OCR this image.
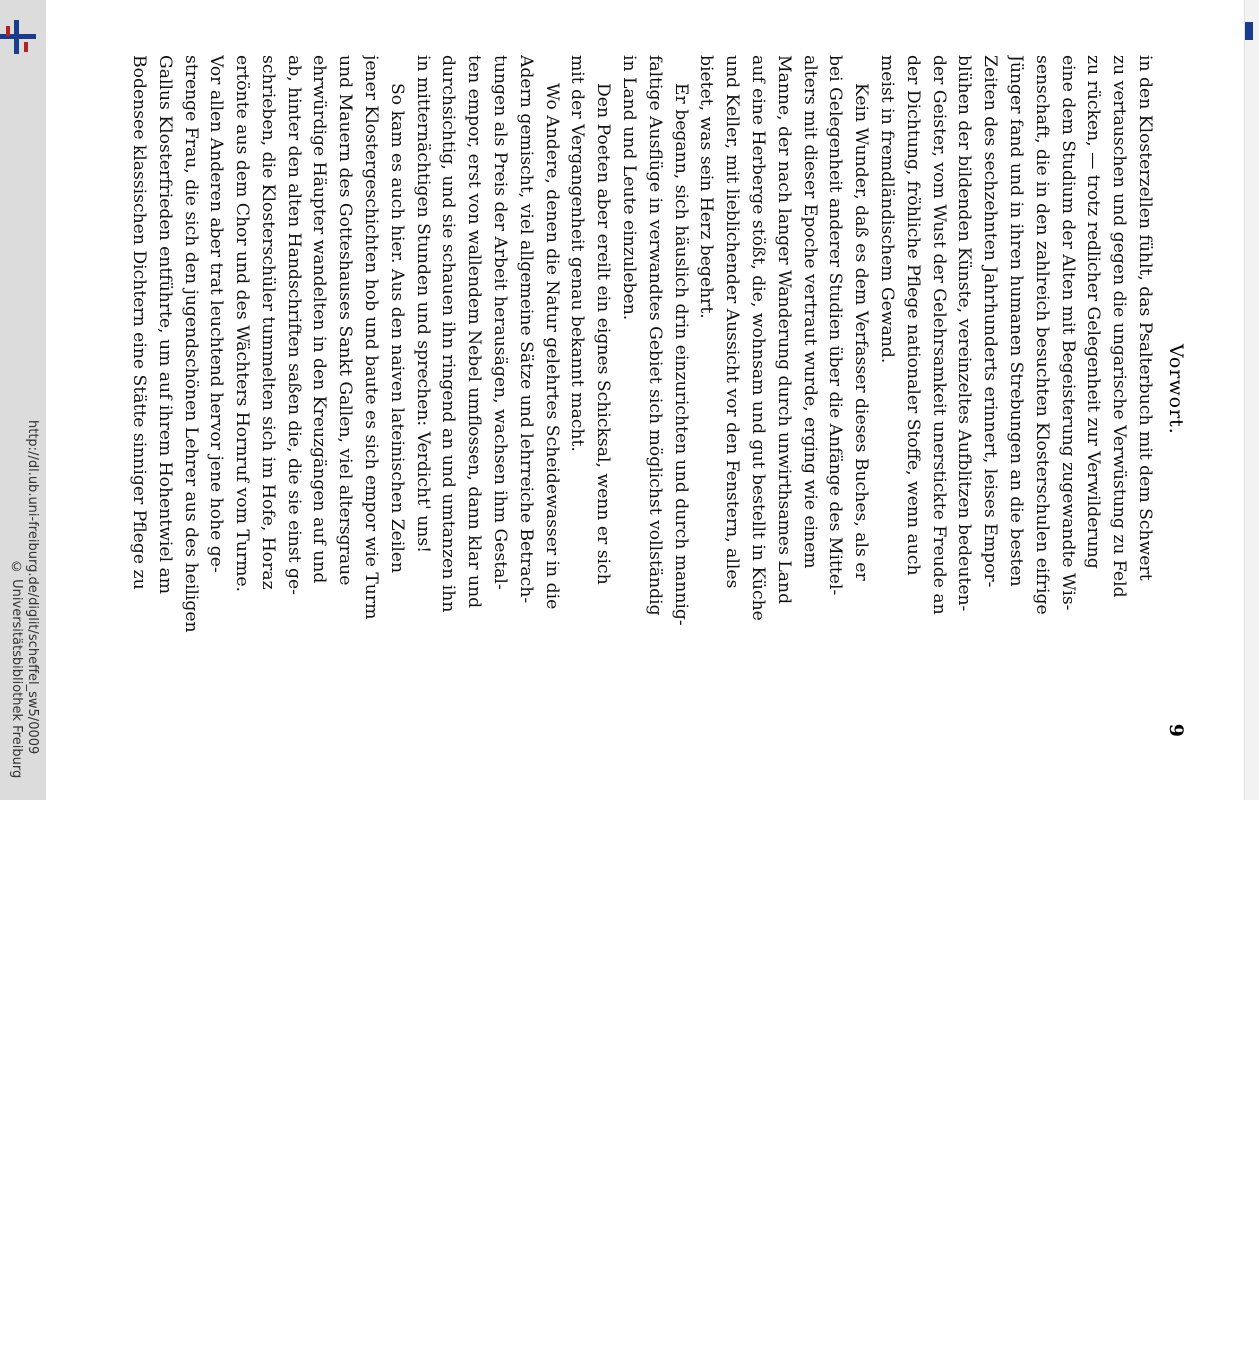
http://dl.ub.uni-freiburg.de/diglit/scheffel_sw5/0009
© Universitätsbibliothek Freiburg
Vorwort.
9
in den Klosterzellen fühlt, das Psalterbuch mit dem Schwert
zu vertauschen und gegen die ungarische Verwüstung zu Feld
zu rücken, — trotz redlicher Gelegenheit zur Verwilderung
eine dem Studium der Alten mit Begeisterung zugewandte Wis-
senschaft, die in den zahlreich besuchten Klosterschulen eifrige
Jünger fand und in ihren humanen Strebungen an die besten
Zeiten des sechzehnten Jahrhunderts erinnert, leises Empor-
blühen der bildenden Künste, vereinzeltes Aufblitzen bedeuten-
der Geister, vom Wust der Gelehrsamkeit unerstickte Freude an
der Dichtung, fröhliche Pflege nationaler Stoffe, wenn auch
meist in fremdländischem Gewand.
Kein Wunder, daß es dem Verfasser dieses Buches, als er
bei Gelegenheit anderer Studien über die Anfänge des Mittel-
alters mit dieser Epoche vertraut wurde, erging wie einem
Manne, der nach langer Wanderung durch unwirthsames Land
auf eine Herberge stößt, die, wohnsam und gut bestellt in Küche
und Keller, mit lieblichender Aussicht vor den Fenstern, alles
bietet, was sein Herz begehrt.
Er begann, sich häuslich drin einzurichten und durch mannig-
faltige Ausflüge in verwandtes Gebiet sich möglichst vollständig
in Land und Leute einzuleben.
Den Poeten aber ereilt ein eignes Schicksal, wenn er sich
mit der Vergangenheit genau bekannt macht.
Wo Andere, denen die Natur gelehrtes Scheidewasser in die
Adern gemischt, viel allgemeine Sätze und lehrreiche Betrach-
tungen als Preis der Arbeit herausägen, wachsen ihm Gestal-
ten empor, erst von wallendem Nebel umflossen, dann klar und
durchsichtig, und sie schauen ihn ringend an und umtanzen ihn
in mitternächtigen Stunden und sprechen: Verdicht' uns!
So kam es auch hier. Aus den naiven lateinischen Zeilen
jener Klostergeschichten hob und baute es sich empor wie Turm
und Mauern des Gotteshauses Sankt Gallen, viel altersgraue
ehrwürdige Häupter wandelten in den Kreuzgängen auf und
ab, hinter den alten Handschriften saßen die, die sie einst ge-
schrieben, die Klosterschüler tummelten sich im Hofe, Horaz
ertönte aus dem Chor und des Wächters Hornruf vom Turme.
Vor allen Anderen aber trat leuchtend hervor jene hohe ge-
strenge Frau, die sich den jugendschönen Lehrer aus des heiligen
Gallus Klosterfrieden entführte, um auf ihrem Hohentwiel am
Bodensee klassischen Dichtern eine Stätte sinniger Pflege zu
